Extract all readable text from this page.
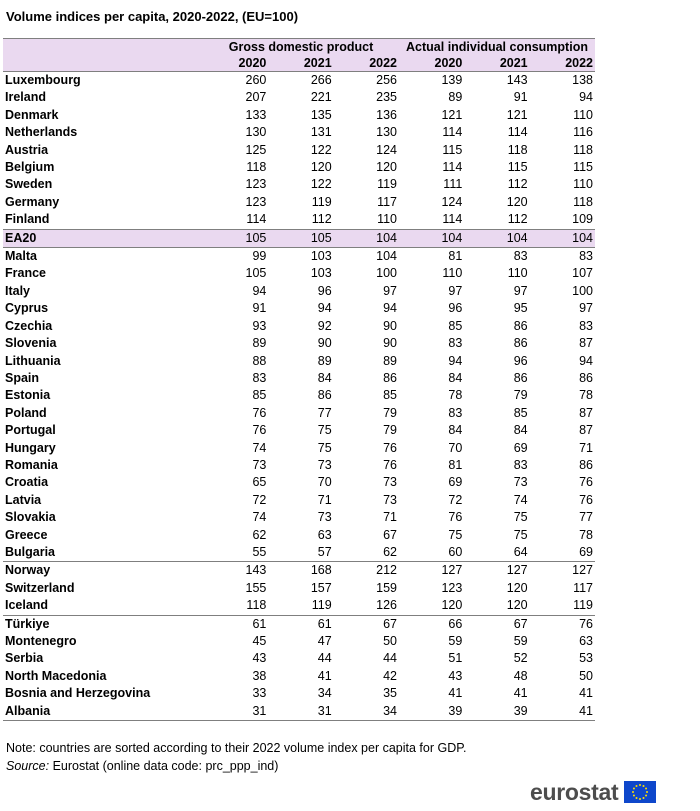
Volume indices per capita, 2020-2022, (EU=100)
	Gross domestic product			Actual individual consumption		
	2020	2021	2022	2020	2021	2022
Luxembourg	260	266	256	139	143	138
Ireland	207	221	235	89	91	94
Denmark	133	135	136	121	121	110
Netherlands	130	131	130	114	114	116
Austria	125	122	124	115	118	118
Belgium	118	120	120	114	115	115
Sweden	123	122	119	111	112	110
Germany	123	119	117	124	120	118
Finland	114	112	110	114	112	109
EA20	105	105	104	104	104	104
Malta	99	103	104	81	83	83
France	105	103	100	110	110	107
Italy	94	96	97	97	97	100
Cyprus	91	94	94	96	95	97
Czechia	93	92	90	85	86	83
Slovenia	89	90	90	83	86	87
Lithuania	88	89	89	94	96	94
Spain	83	84	86	84	86	86
Estonia	85	86	85	78	79	78
Poland	76	77	79	83	85	87
Portugal	76	75	79	84	84	87
Hungary	74	75	76	70	69	71
Romania	73	73	76	81	83	86
Croatia	65	70	73	69	73	76
Latvia	72	71	73	72	74	76
Slovakia	74	73	71	76	75	77
Greece	62	63	67	75	75	78
Bulgaria	55	57	62	60	64	69
Norway	143	168	212	127	127	127
Switzerland	155	157	159	123	120	117
Iceland	118	119	126	120	120	119
Türkiye	61	61	67	66	67	76
Montenegro	45	47	50	59	59	63
Serbia	43	44	44	51	52	53
North Macedonia	38	41	42	43	48	50
Bosnia and Herzegovina	33	34	35	41	41	41
Albania	31	31	34	39	39	41
Note: countries are sorted according to their 2022 volume index per capita for GDP.
Source: Eurostat (online data code: prc_ppp_ind)
eurostat
